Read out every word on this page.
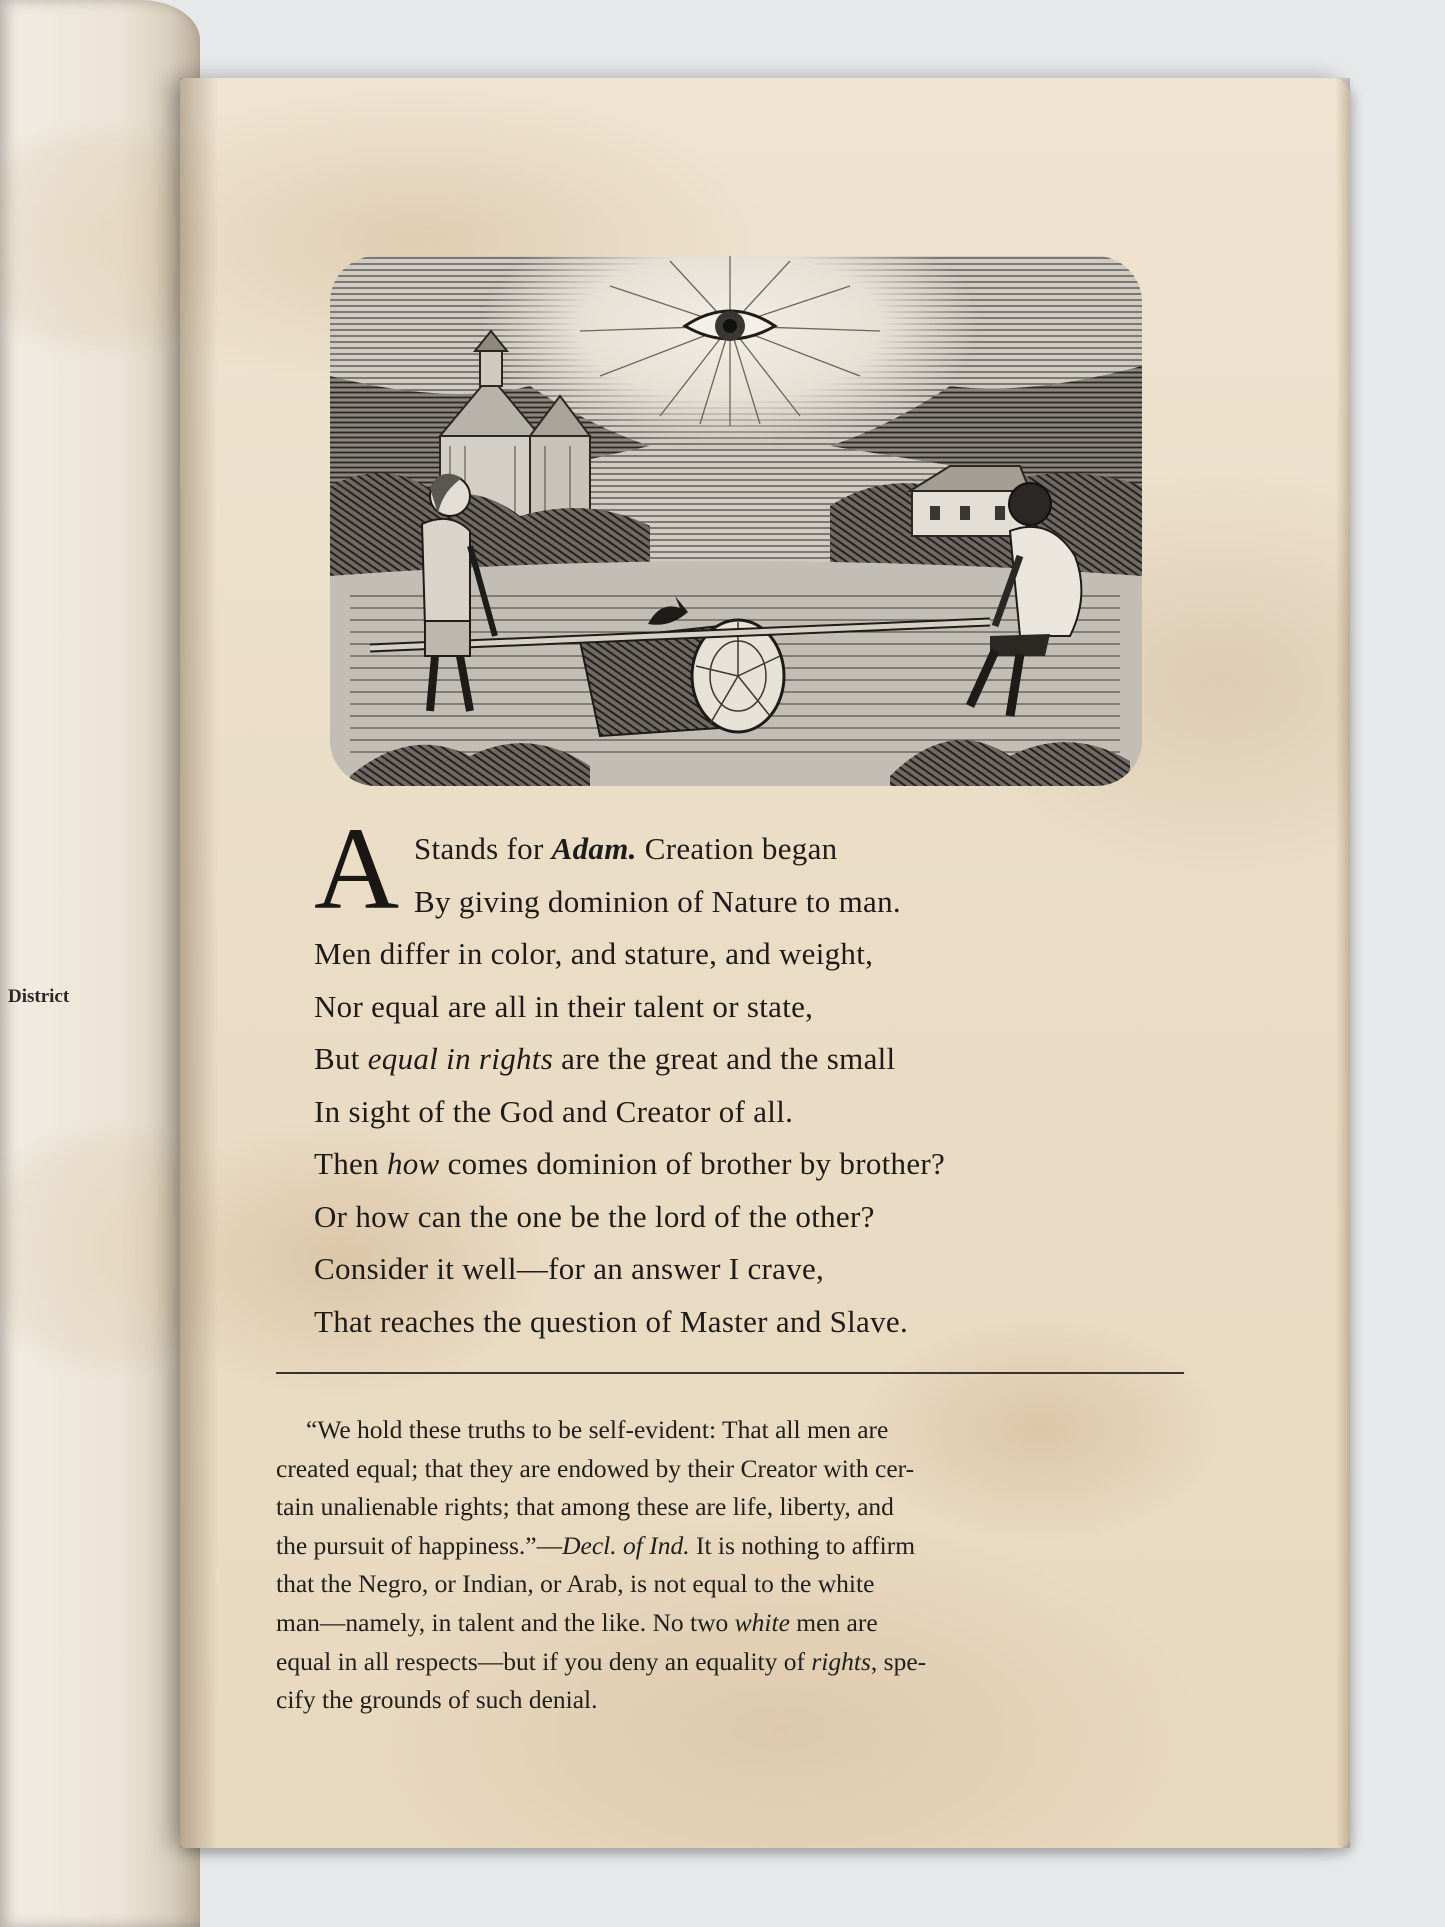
District
A Stands for Adam. Creation began
By giving dominion of Nature to man.
Men differ in color, and stature, and weight,
Nor equal are all in their talent or state,
But equal in rights are the great and the small
In sight of the God and Creator of all.
Then how comes dominion of brother by brother?
Or how can the one be the lord of the other?
Consider it well—for an answer I crave,
That reaches the question of Master and Slave.
“We hold these truths to be self-evident: That all men are
created equal; that they are endowed by their Creator with cer-
tain unalienable rights; that among these are life, liberty, and
the pursuit of happiness.”—Decl. of Ind. It is nothing to affirm
that the Negro, or Indian, or Arab, is not equal to the white
man—namely, in talent and the like. No two white men are
equal in all respects—but if you deny an equality of rights, spe-
cify the grounds of such denial.
